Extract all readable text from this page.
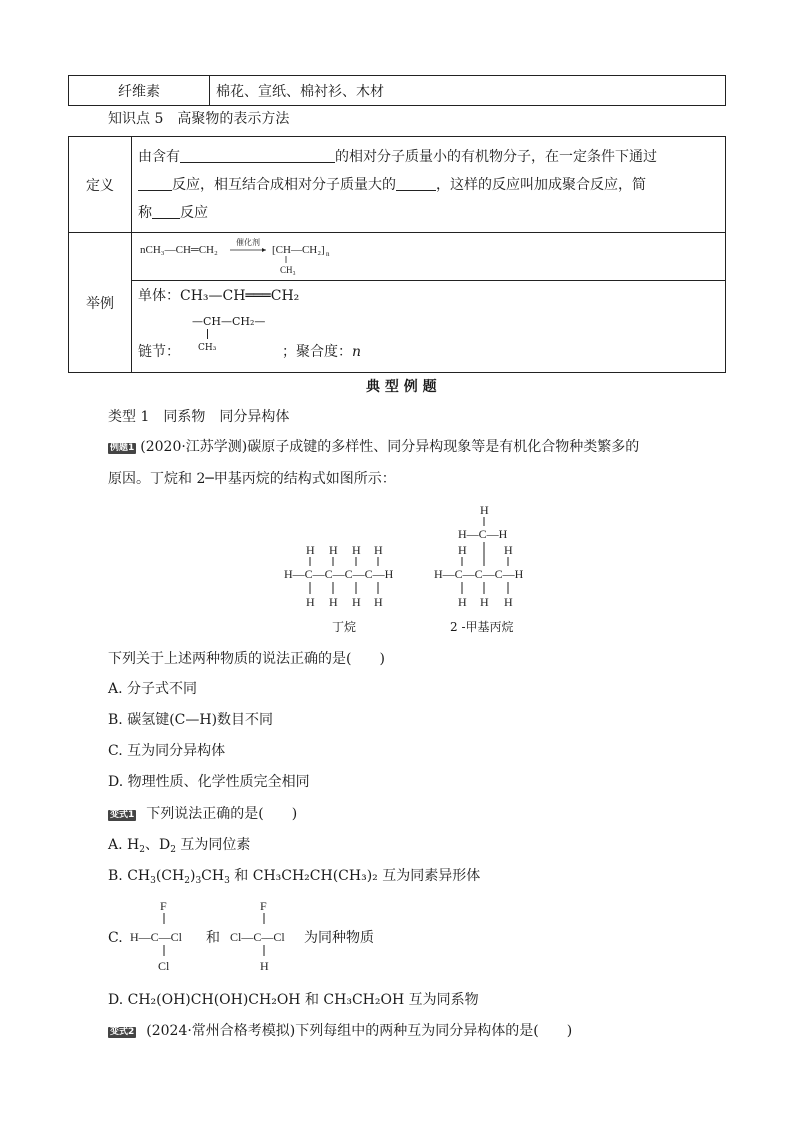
纤维素	棉花、宣纸、棉衬衫、木材
知识点 5　高聚物的表示方法
定义	由含有 的相对分子质量小的有机物分子，在一定条件下通过
反应，相互结合成相对分子质量大的 ，这样的反应叫加成聚合反应，简
称 反应

举例	nCH₃—CH═CH₂
催化剂
[CH—CH₂] n
CH₃

	单体：CH₃—CH═══CH₂
—CH—CH₂—
链节： CH₃ ；聚合度：n
典 型 例 题
类型 1　同系物　同分异构体
例题1 (2020·江苏学测)碳原子成键的多样性、同分异构现象等是有机化合物种类繁多的
原因。丁烷和 2─甲基丙烷的结构式如图所示：
H H H H
H—C—C—C—C—H
H H H H
丁烷
H
H—C—H
H	H
H—C—C—C—H
H H H
2 -甲基丙烷
下列关于上述两种物质的说法正确的是(　　)
A. 分子式不同
B. 碳氢键(C—H)数目不同
C. 互为同分异构体
D. 物理性质、化学性质完全相同
变式1 下列说法正确的是(　　)
A. $H_2$、$D_2$ 互为同位素
B. $CH_3(CH_2)_3CH_3$ 和 CH₃CH₂CH(CH₃)₂ 互为同素异形体
C.
F
H—C—Cl
Cl
和
F
Cl—C—Cl
H
为同种物质
D. CH₂(OH)CH(OH)CH₂OH 和 CH₃CH₂OH 互为同系物
变式2 (2024·常州合格考模拟)下列每组中的两种互为同分异构体的是(　　)
